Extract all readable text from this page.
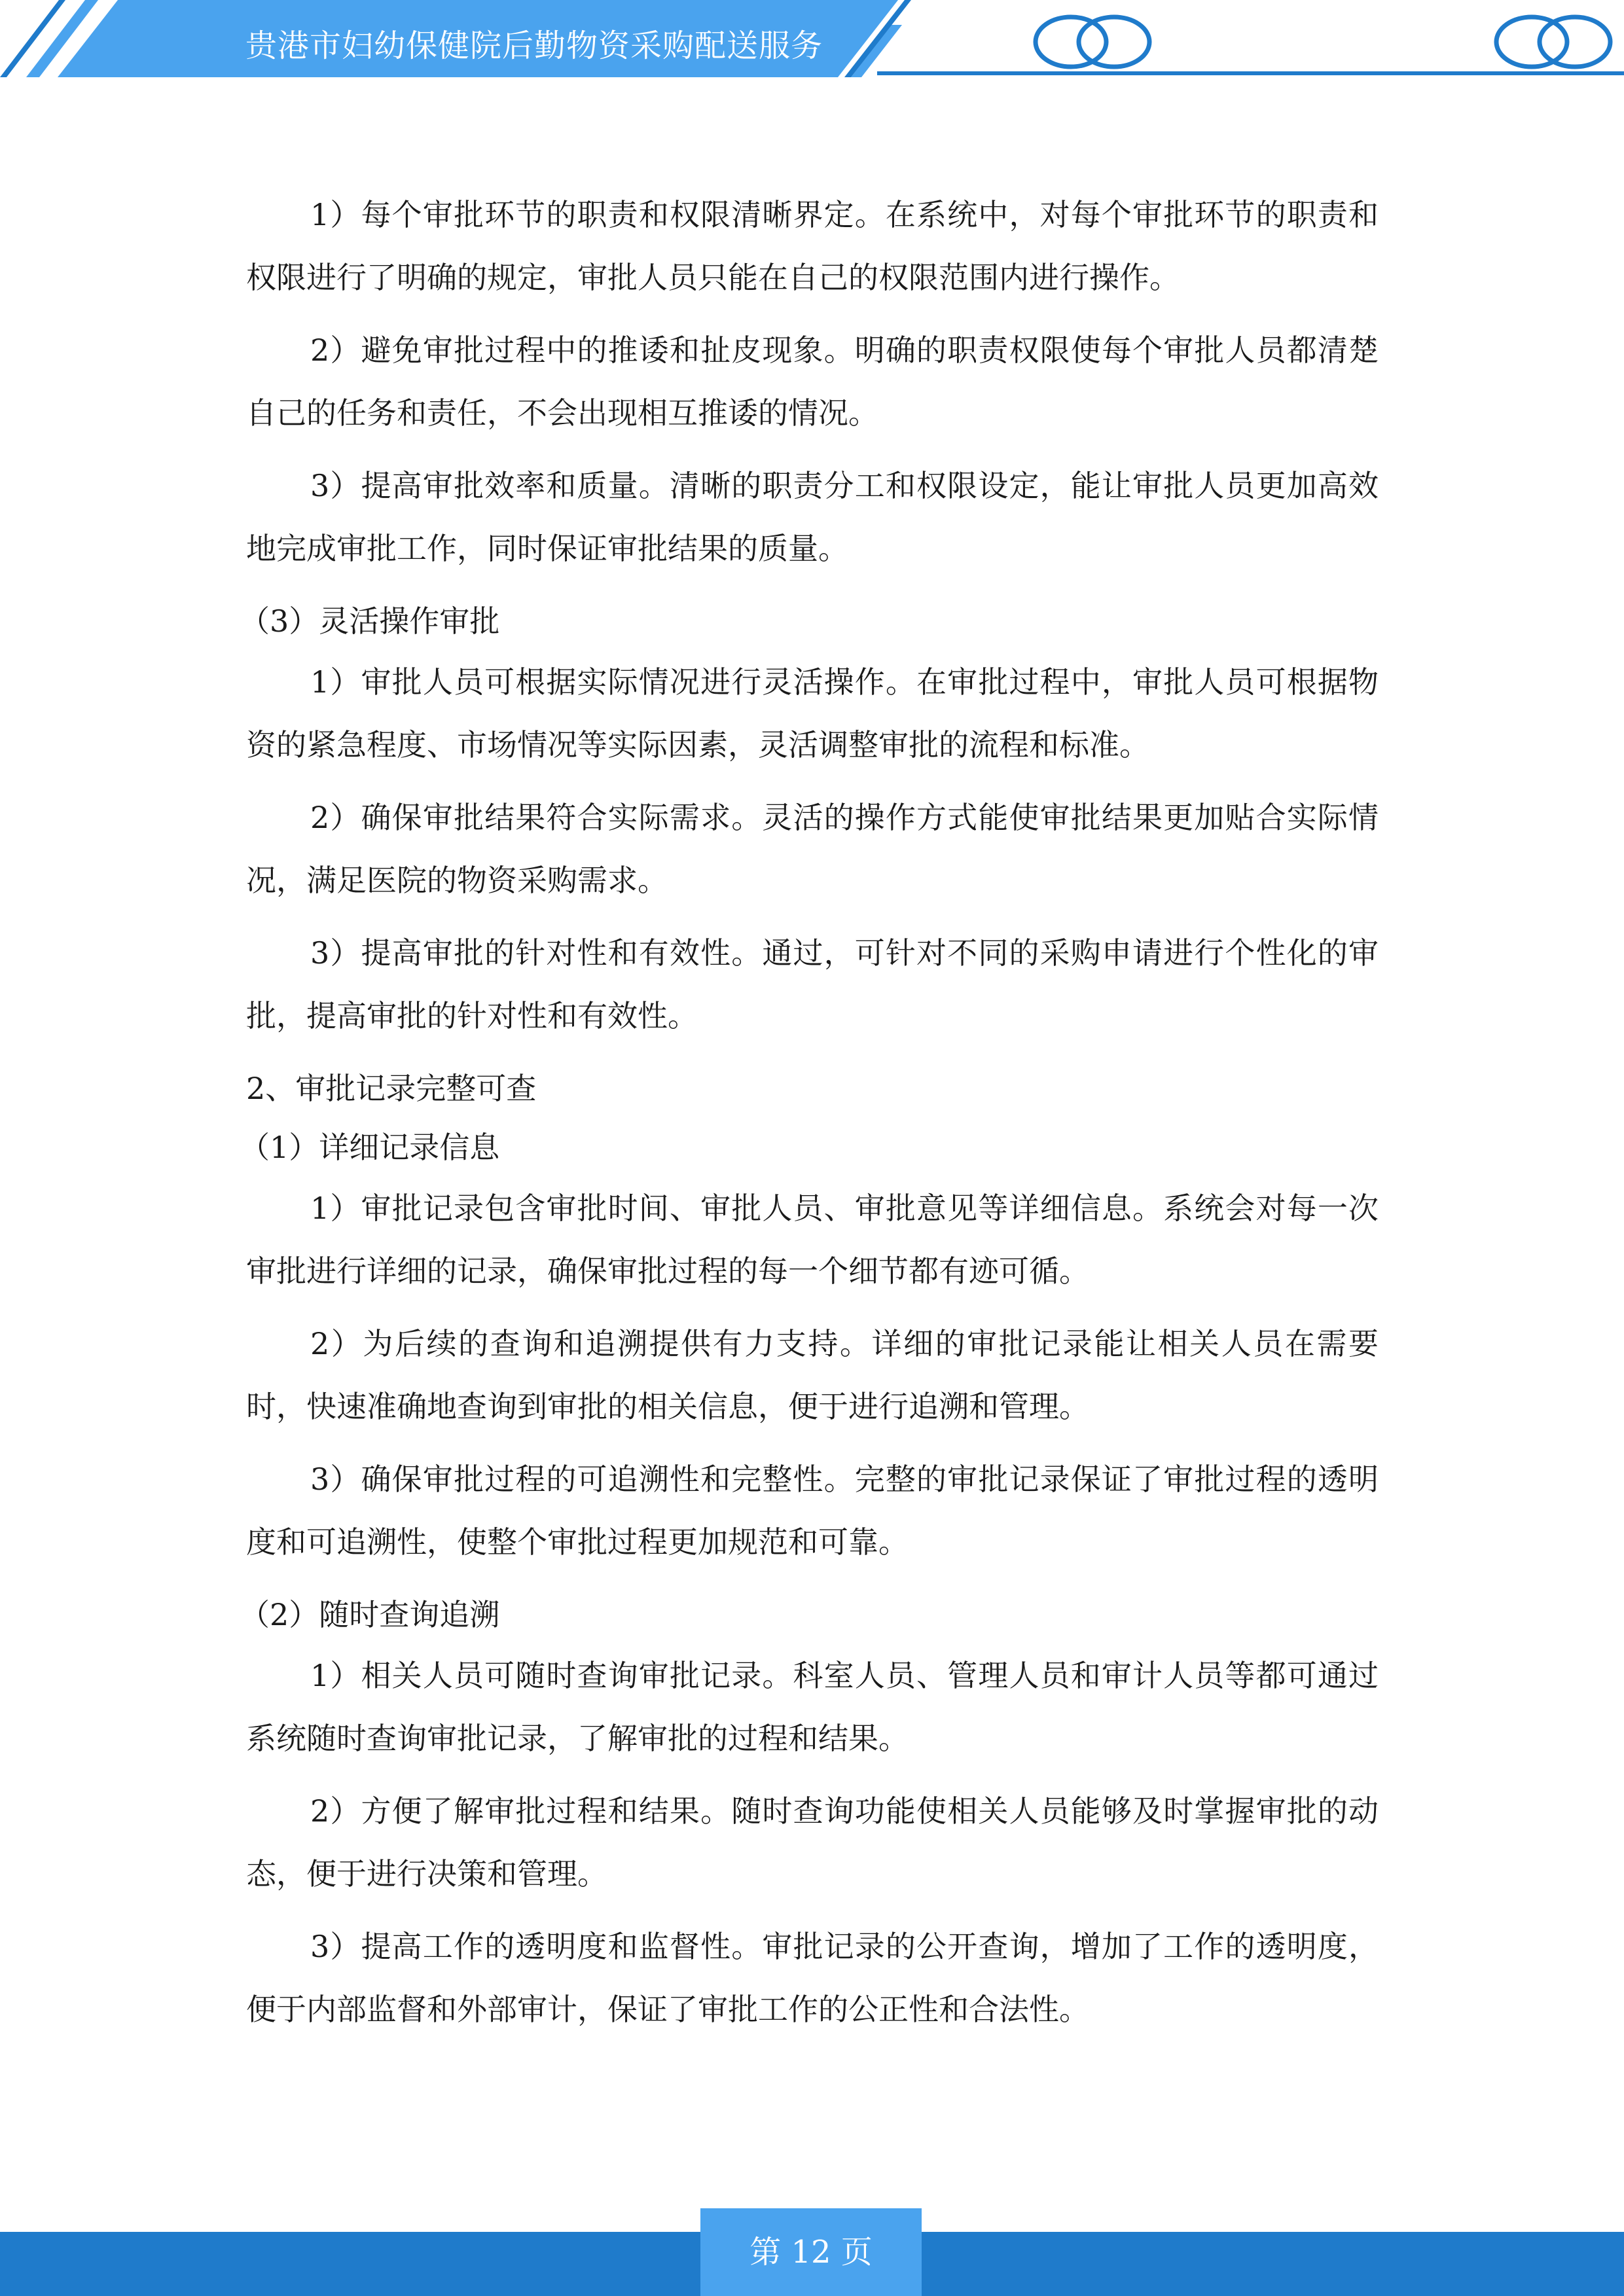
贵港市妇幼保健院后勤物资采购配送服务

1）每个审批环节的职责和权限清晰界定。在系统中，对每个审批环节的职责和权限进行了明确的规定，审批人员只能在自己的权限范围内进行操作。

2）避免审批过程中的推诿和扯皮现象。明确的职责权限使每个审批人员都清楚自己的任务和责任，不会出现相互推诿的情况。

3）提高审批效率和质量。清晰的职责分工和权限设定，能让审批人员更加高效地完成审批工作，同时保证审批结果的质量。

（3）灵活操作审批

1）审批人员可根据实际情况进行灵活操作。在审批过程中，审批人员可根据物资的紧急程度、市场情况等实际因素，灵活调整审批的流程和标准。

2）确保审批结果符合实际需求。灵活的操作方式能使审批结果更加贴合实际情况，满足医院的物资采购需求。

3）提高审批的针对性和有效性。通过，可针对不同的采购申请进行个性化的审批，提高审批的针对性和有效性。

2、审批记录完整可查

（1）详细记录信息

1）审批记录包含审批时间、审批人员、审批意见等详细信息。系统会对每一次审批进行详细的记录，确保审批过程的每一个细节都有迹可循。

2）为后续的查询和追溯提供有力支持。详细的审批记录能让相关人员在需要时，快速准确地查询到审批的相关信息，便于进行追溯和管理。

3）确保审批过程的可追溯性和完整性。完整的审批记录保证了审批过程的透明度和可追溯性，使整个审批过程更加规范和可靠。

（2）随时查询追溯

1）相关人员可随时查询审批记录。科室人员、管理人员和审计人员等都可通过系统随时查询审批记录，了解审批的过程和结果。

2）方便了解审批过程和结果。随时查询功能使相关人员能够及时掌握审批的动态，便于进行决策和管理。

3）提高工作的透明度和监督性。审批记录的公开查询，增加了工作的透明度，便于内部监督和外部审计，保证了审批工作的公正性和合法性。

第 12 页
